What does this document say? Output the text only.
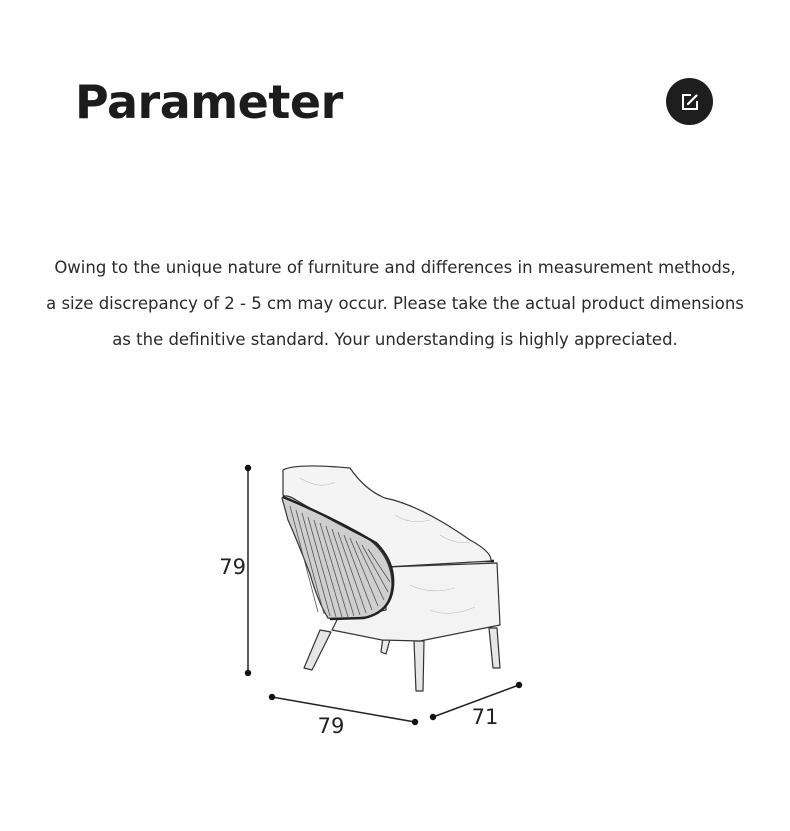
Parameter

Owing to the unique nature of furniture and differences in measurement methods,

a size discrepancy of 2 - 5 cm may occur. Please take the actual product dimensions

as the definitive standard. Your understanding is highly appreciated.

79
79	71
